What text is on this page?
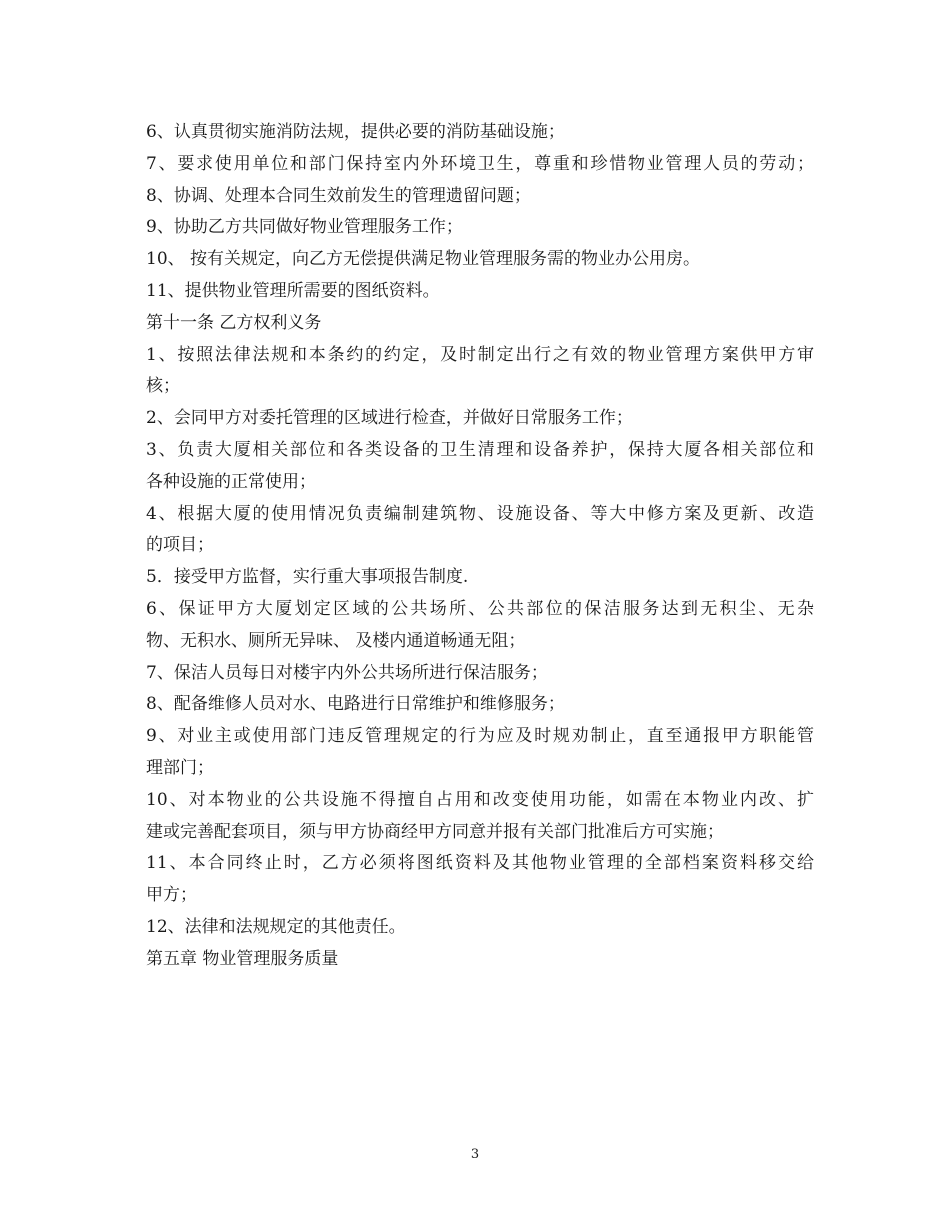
6、认真贯彻实施消防法规，提供必要的消防基础设施；
7、要求使用单位和部门保持室内外环境卫生，尊重和珍惜物业管理人员的劳动；
8、协调、处理本合同生效前发生的管理遗留问题；
9、协助乙方共同做好物业管理服务工作；
10、 按有关规定，向乙方无偿提供满足物业管理服务需的物业办公用房。
11、提供物业管理所需要的图纸资料。
第十一条 乙方权利义务
1、按照法律法规和本条约的约定，及时制定出行之有效的物业管理方案供甲方审
核；
2、会同甲方对委托管理的区域进行检查，并做好日常服务工作；
3、负责大厦相关部位和各类设备的卫生清理和设备养护，保持大厦各相关部位和
各种设施的正常使用；
4、根据大厦的使用情况负责编制建筑物、设施设备、等大中修方案及更新、改造
的项目；
5．接受甲方监督，实行重大事项报告制度.
6、保证甲方大厦划定区域的公共场所、公共部位的保洁服务达到无积尘、无杂
物、无积水、厕所无异味、 及楼内通道畅通无阻；
7、保洁人员每日对楼宇内外公共场所进行保洁服务；
8、配备维修人员对水、电路进行日常维护和维修服务；
9、对业主或使用部门违反管理规定的行为应及时规劝制止，直至通报甲方职能管
理部门；
10、对本物业的公共设施不得擅自占用和改变使用功能，如需在本物业内改、扩
建或完善配套项目，须与甲方协商经甲方同意并报有关部门批准后方可实施；
11、本合同终止时，乙方必须将图纸资料及其他物业管理的全部档案资料移交给
甲方；
12、法律和法规规定的其他责任。
第五章 物业管理服务质量
3
